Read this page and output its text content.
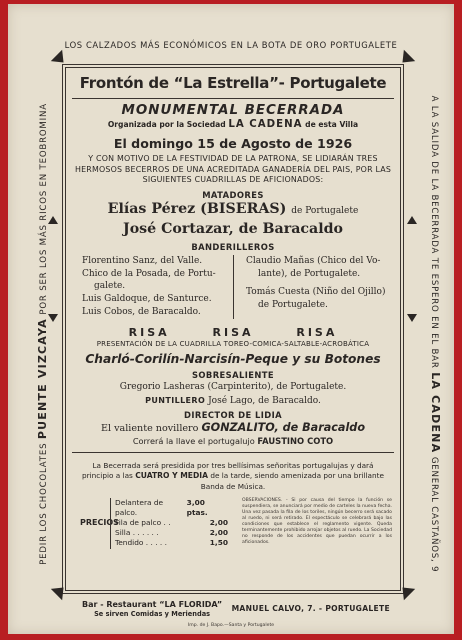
LOS CALZADOS MÁS ECONÓMICOS EN LA BOTA DE ORO PORTUGALETE
PEDIR LOS CHOCOLATES PUENTE VIZCAYA POR SER LOS MÁS RICOS EN TEOBROMINA	A LA SALIDA DE LA BECERRADA TE ESPERO EN EL BAR LA CADENA GENERAL CASTAÑOS, 9
Frontón de “La Estrella”- Portugalete
MONUMENTAL BECERRADA
Organizada por la Sociedad LA CADENA de esta Villa
El domingo 15 de Agosto de 1926
Y CON MOTIVO DE LA FESTIVIDAD DE LA PATRONA, SE LIDIARÁN TRES HERMOSOS BECERROS DE UNA ACREDITADA GANADERÍA DEL PAIS, POR LAS SIGUIENTES CUADRILLAS DE AFICIONADOS:
MATADORES
Elías Pérez (BISERAS) de Portugalete
José Cortazar, de Baracaldo
BANDERILLEROS

Florentino Sanz, del Valle.

Chico de la Posada, de Portu-

galete.

Luis Galdoque, de Santurce.

Luis Cobos, de Baracaldo.

Claudio Mañas (Chico del Vo-

lante), de Portugalete.

Tomás Cuesta (Niño del Ojillo)

de Portugalete.

RISA	RISA	RISA
PRESENTACIÓN DE LA CUADRILLA TOREO-COMICA-SALTABLE-ACROBÁTICA
Charló-Corilín-Narcisín-Peque y su Botones
SOBRESALIENTE
Gregorio Lasheras (Carpinterito), de Portugalete.
PUNTILLERO José Lago, de Baracaldo.
DIRECTOR DE LIDIA
El valiente novillero GONZALITO, de Baracaldo
Correrá la llave el portugalujo FAUSTINO COTO
La Becerrada será presidida por tres bellísimas señoritas portugalujas y dará principio a las CUATRO Y MEDIA de la tarde, siendo amenizada por una brillante Banda de Música.
PRECIOS
Delantera de palco.
3,00 ptas.
Fila de palco . .	2,00
Silla . . . . . .	2,00
Tendido . . . . .	1,50
OBSERVACIONES. - Si por causa del tiempo la función se suspendiera, se anunciará por medio de carteles la nueva fecha. Una vez pasada la fila de los toriles, ningún becerro será sacado al ruedo, ni será retirado. El espectáculo se celebrará bajo las condiciones que establece el reglamento vigente. Queda terminantemente prohibido arrojar objetos al ruedo. La Sociedad no responde de los accidentes que puedan ocurrir a los aficionados.
Bar - Restaurant “LA FLORIDA”
Se sirven Comidas y Meriendas
MANUEL CALVO, 7. - PORTUGALETE
Imp. de J. Bapo.—Santa y Portugalete
